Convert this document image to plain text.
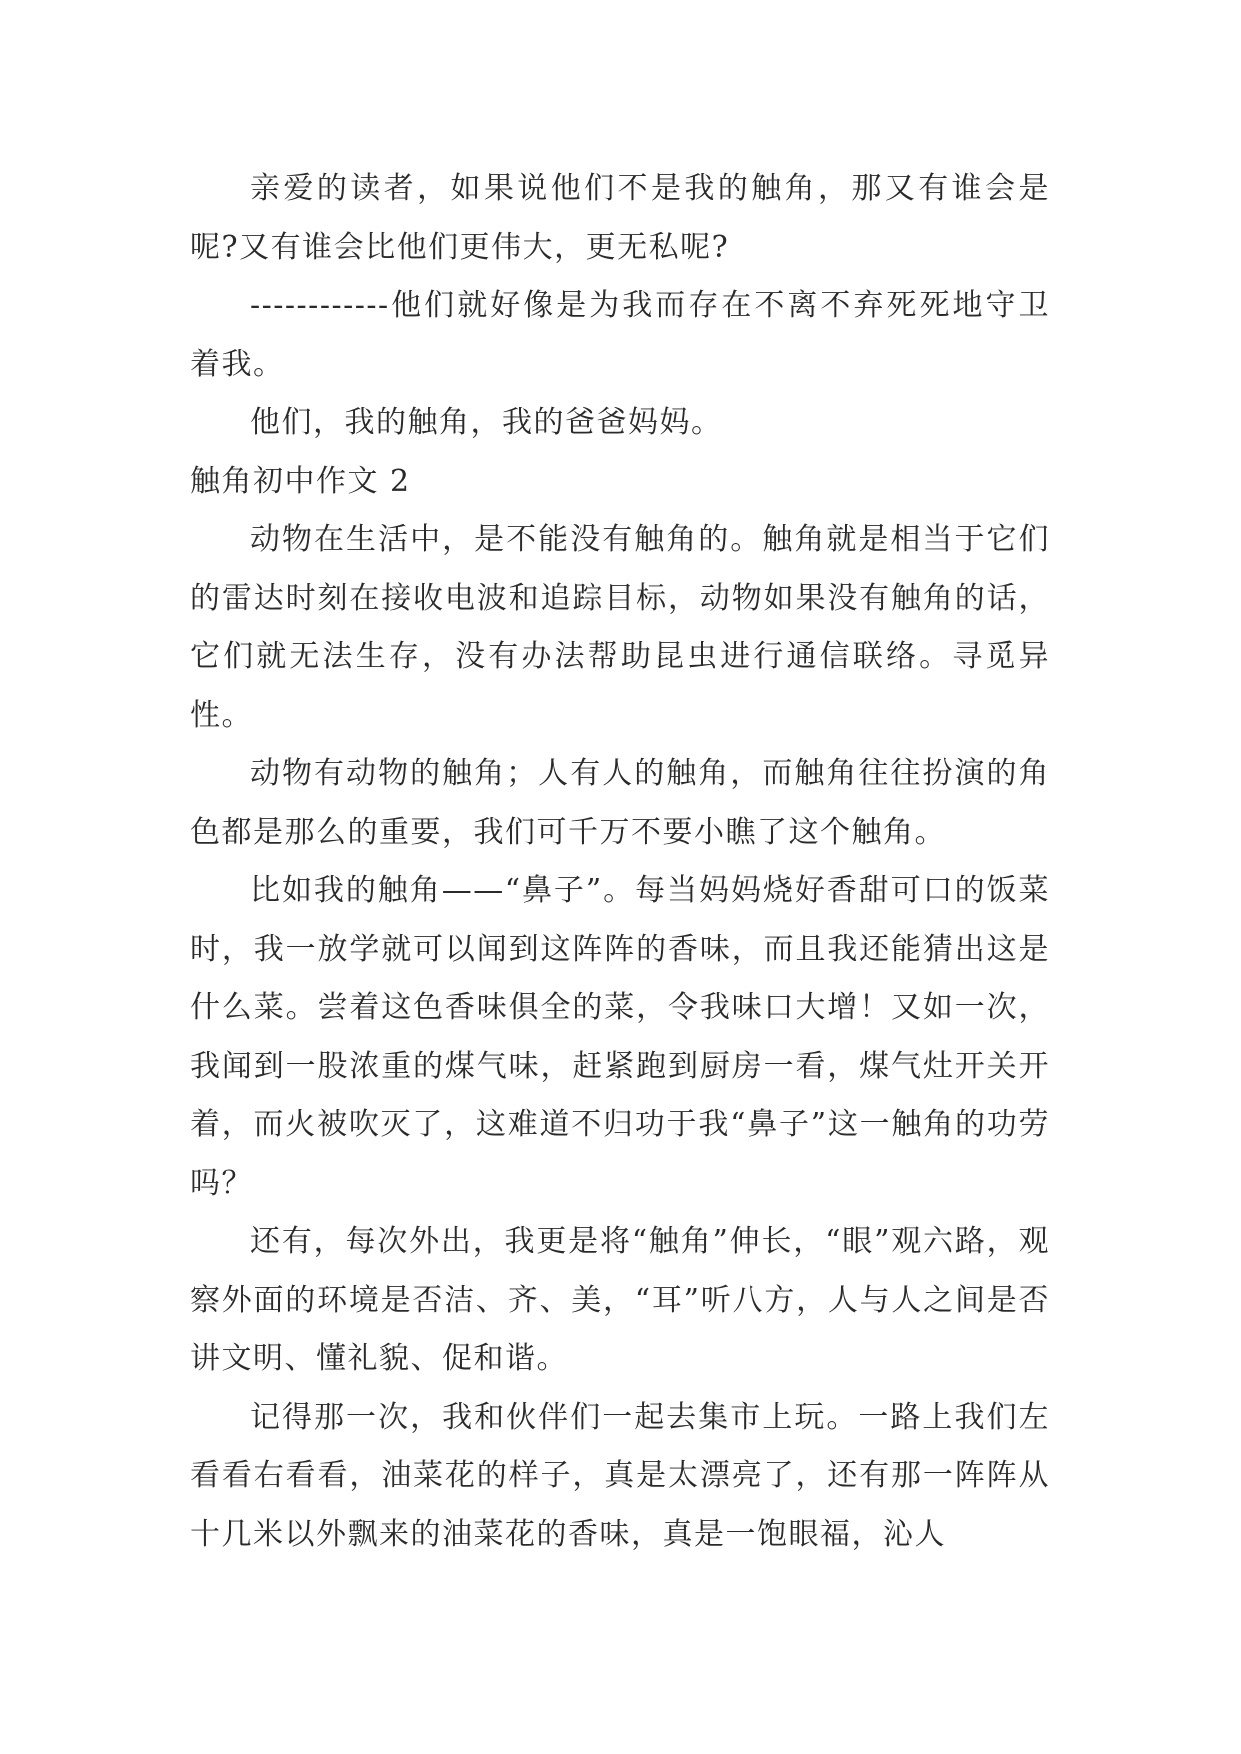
亲爱的读者，如果说他们不是我的触角，那又有谁会是呢?又有谁会比他们更伟大，更无私呢?

------------他们就好像是为我而存在不离不弃死死地守卫着我。

他们，我的触角，我的爸爸妈妈。

触角初中作文 2

动物在生活中，是不能没有触角的。触角就是相当于它们的雷达时刻在接收电波和追踪目标，动物如果没有触角的话，它们就无法生存，没有办法帮助昆虫进行通信联络。寻觅异性。

动物有动物的触角；人有人的触角，而触角往往扮演的角色都是那么的重要，我们可千万不要小瞧了这个触角。

比如我的触角——“鼻子”。每当妈妈烧好香甜可口的饭菜时，我一放学就可以闻到这阵阵的香味，而且我还能猜出这是什么菜。尝着这色香味俱全的菜，令我味口大增！又如一次，我闻到一股浓重的煤气味，赶紧跑到厨房一看，煤气灶开关开着，而火被吹灭了，这难道不归功于我“鼻子”这一触角的功劳吗？

还有，每次外出，我更是将“触角”伸长，“眼”观六路，观察外面的环境是否洁、齐、美，“耳”听八方，人与人之间是否讲文明、懂礼貌、促和谐。

记得那一次，我和伙伴们一起去集市上玩。一路上我们左看看右看看，油菜花的样子，真是太漂亮了，还有那一阵阵从十几米以外飘来的油菜花的香味，真是一饱眼福，沁人
